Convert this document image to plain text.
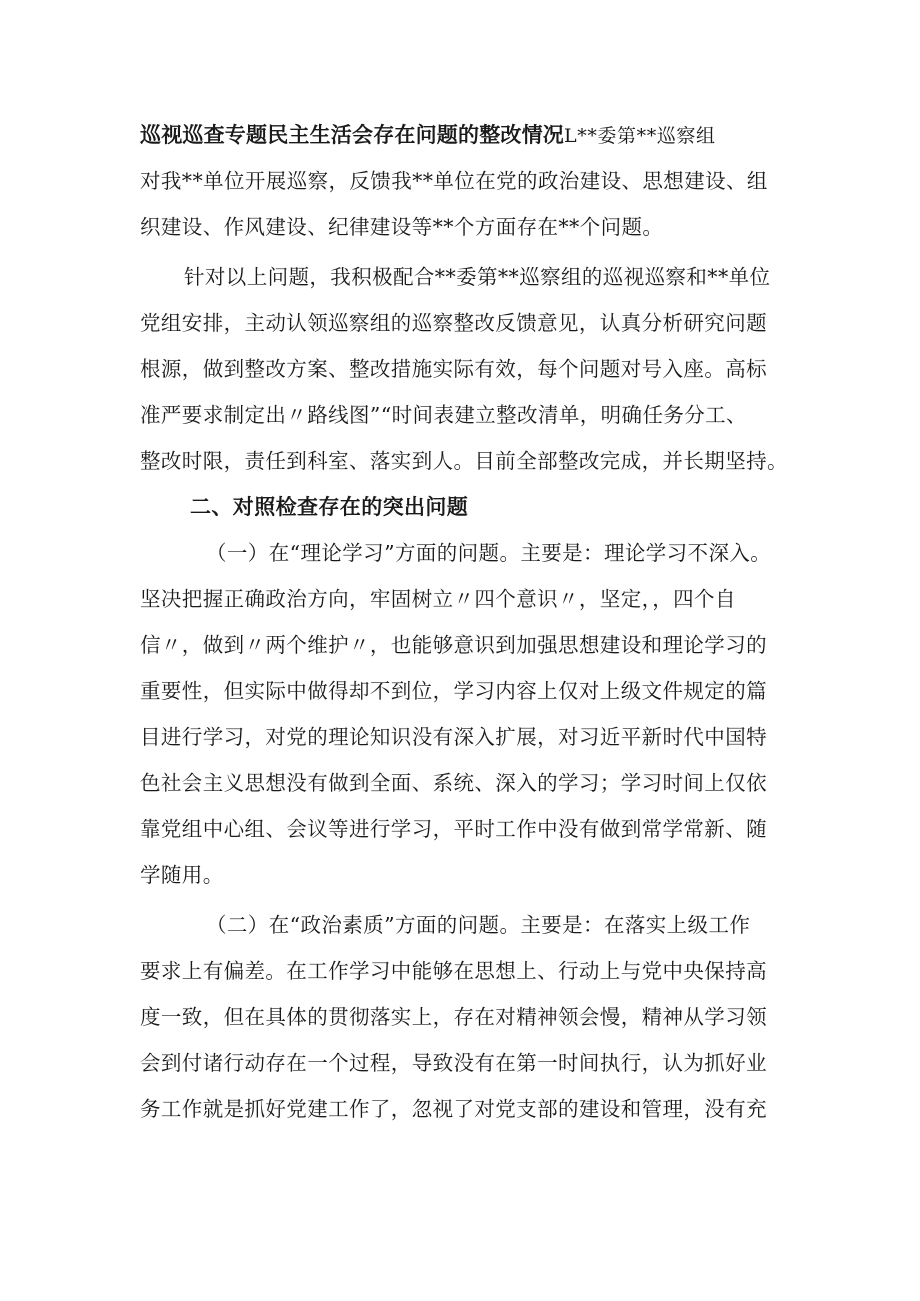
巡视巡查专题民主生活会存在问题的整改情况L**委第**巡察组
对我**单位开展巡察，反馈我**单位在党的政治建设、思想建设、组
织建设、作风建设、纪律建设等**个方面存在**个问题。
针对以上问题，我积极配合**委第**巡察组的巡视巡察和**单位
党组安排，主动认领巡察组的巡察整改反馈意见，认真分析研究问题
根源，做到整改方案、整改措施实际有效，每个问题对号入座。高标
准严要求制定出〃路线图”“时间表建立整改清单，明确任务分工、
整改时限，责任到科室、落实到人。目前全部整改完成，并长期坚持。
二、对照检查存在的突出问题
（一）在“理论学习”方面的问题。主要是：理论学习不深入。
坚决把握正确政治方向，牢固树立〃四个意识〃，坚定，，四个自
信〃，做到〃两个维护〃，也能够意识到加强思想建设和理论学习的
重要性，但实际中做得却不到位，学习内容上仅对上级文件规定的篇
目进行学习，对党的理论知识没有深入扩展，对习近平新时代中国特
色社会主义思想没有做到全面、系统、深入的学习；学习时间上仅依
靠党组中心组、会议等进行学习，平时工作中没有做到常学常新、随
学随用。
（二）在“政治素质”方面的问题。主要是：在落实上级工作
要求上有偏差。在工作学习中能够在思想上、行动上与党中央保持高
度一致，但在具体的贯彻落实上，存在对精神领会慢，精神从学习领
会到付诸行动存在一个过程，导致没有在第一时间执行，认为抓好业
务工作就是抓好党建工作了，忽视了对党支部的建设和管理，没有充
